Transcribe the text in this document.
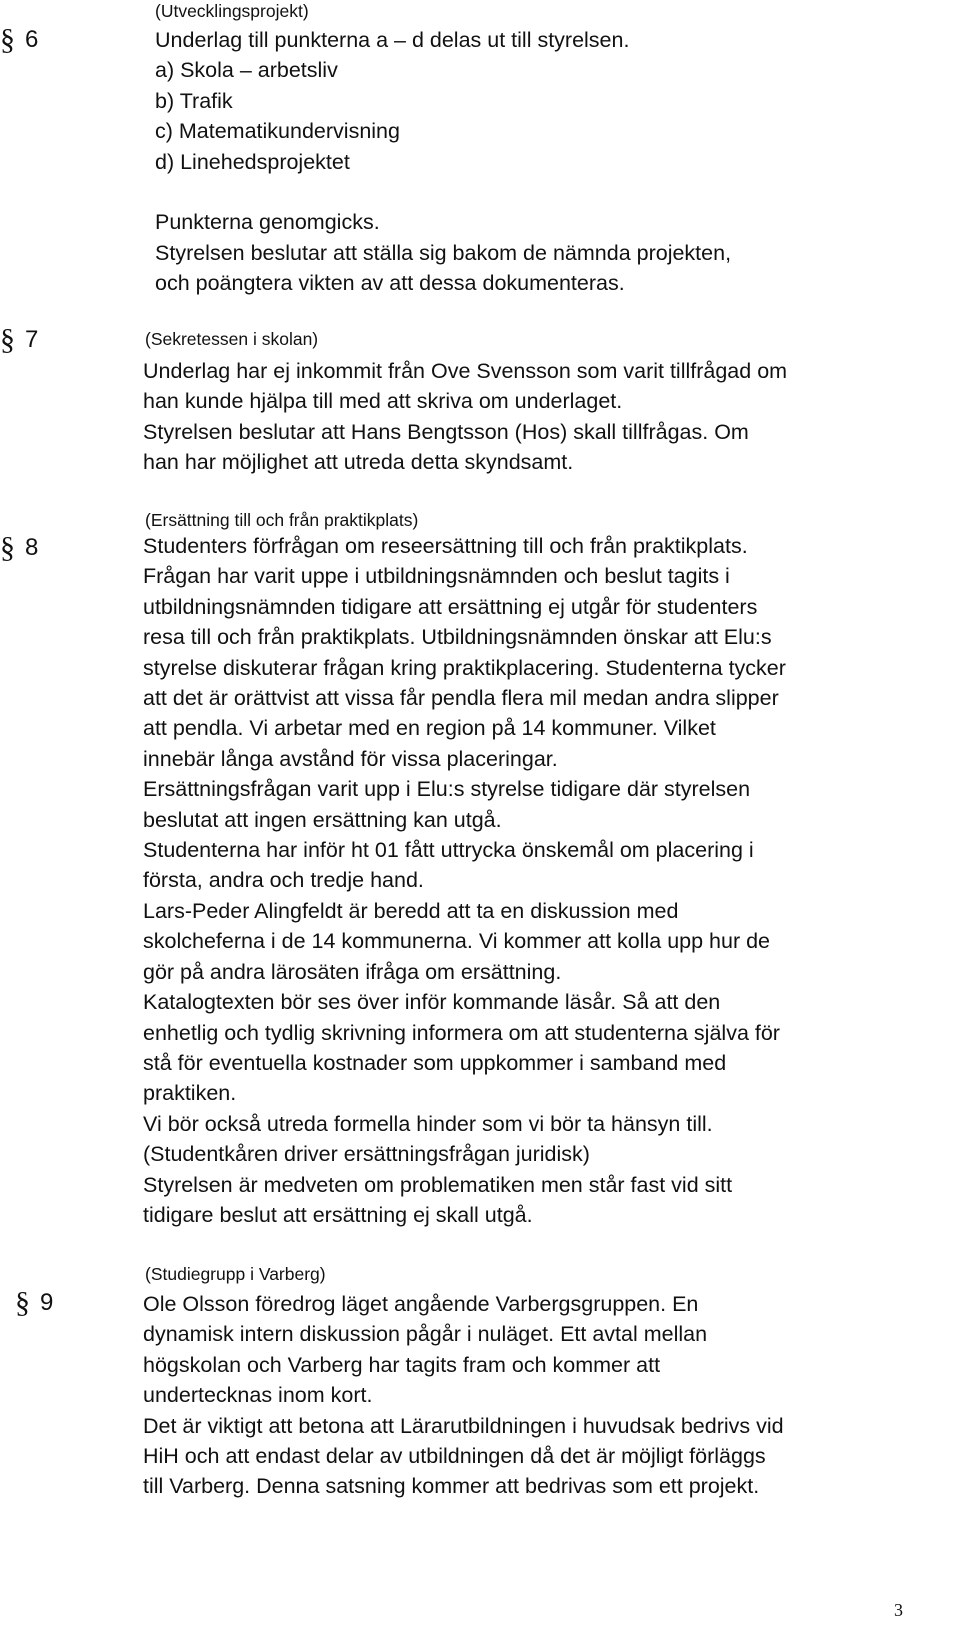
(Utvecklingsprojekt)
§ 6	Underlag till punkterna a – d delas ut till styrelsen.
a) Skola – arbetsliv
b) Trafik
c) Matematikundervisning
d) Linehedsprojektet

Punkterna genomgicks.
Styrelsen beslutar att ställa sig bakom de nämnda projekten,
och poängtera vikten av att dessa dokumenteras.
§ 7	(Sekretessen i skolan)
Underlag har ej inkommit från Ove Svensson som varit tillfrågad om
han kunde hjälpa till med att skriva om underlaget.
Styrelsen beslutar att Hans Bengtsson (Hos) skall tillfrågas. Om
han har möjlighet att utreda detta skyndsamt.
(Ersättning till och från praktikplats)
§ 8	Studenters förfrågan om reseersättning till och från praktikplats.
Frågan har varit uppe i utbildningsnämnden och beslut tagits i
utbildningsnämnden tidigare att ersättning ej utgår för studenters
resa till och från praktikplats. Utbildningsnämnden önskar att Elu:s
styrelse diskuterar frågan kring praktikplacering. Studenterna tycker
att det är orättvist att vissa får pendla flera mil medan andra slipper
att pendla. Vi arbetar med en region på 14 kommuner. Vilket
innebär långa avstånd för vissa placeringar.
Ersättningsfrågan varit upp i Elu:s styrelse tidigare där styrelsen
beslutat att ingen ersättning kan utgå.
Studenterna har inför ht 01 fått uttrycka önskemål om placering i
första, andra och tredje hand.
Lars-Peder Alingfeldt är beredd att ta en diskussion med
skolcheferna i de 14 kommunerna. Vi kommer att kolla upp hur de
gör på andra lärosäten ifråga om ersättning.
Katalogtexten bör ses över inför kommande läsår. Så att den
enhetlig och tydlig skrivning informera om att studenterna själva för
stå för eventuella kostnader som uppkommer i samband med
praktiken.
Vi bör också utreda formella hinder som vi bör ta hänsyn till.
(Studentkåren driver ersättningsfrågan juridisk)
Styrelsen är medveten om problematiken men står fast vid sitt
tidigare beslut att ersättning ej skall utgå.
(Studiegrupp i Varberg)
§ 9	Ole Olsson föredrog läget angående Varbergsgruppen. En
dynamisk intern diskussion pågår i nuläget. Ett avtal mellan
högskolan och Varberg har tagits fram och kommer att
undertecknas inom kort.
Det är viktigt att betona att Lärarutbildningen i huvudsak bedrivs vid
HiH och att endast delar av utbildningen då det är möjligt förläggs
till Varberg. Denna satsning kommer att bedrivas som ett projekt.
3
